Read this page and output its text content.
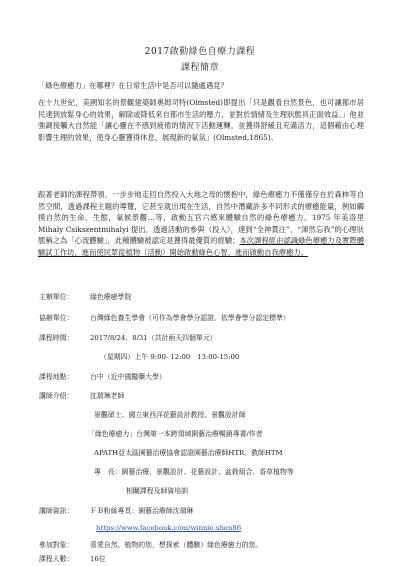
2017啟動綠色自療力課程
課程簡章

「綠色療癒力」在哪裡？在日常生活中是否可以隨處遇見？

在十九世紀，美國知名的景觀建築師奧姆司特(Olmsted)即提出「只是觀看自然景色，也可讓都市居民達到放鬆身心的效果，解除或降低來自都市生活的壓力，並對於情緒及生理狀態具正面效益。」他並強調接觸大自然能「讓心靈在不感到疲倦的情況下活動運轉，並獲得舒緩且充滿活力，這個藉由心理影響生理的效果，使身心靈獲得休息，展現新的氣氛」(Olmsted,1865)。

跟著老師的課程帶領，一步步地走回自然投入大地之母的懷抱中，綠色療癒力不僅僅存在於森林等自然空間，透過課程主題的導覽，它甚至就出現在生活，自然中潛藏許多不同形式的療癒能量，例如觸摸自然的生命，生態，氣候景觀…等，啟動五官六感來體驗自然的綠色療癒力。1975 年美洛里 Mihaly Csikszentmihalyi 提出，透過活動的參與（投入），達到“全神貫注”、“渾然忘我”的心理狀態稱之為「心流體驗」，此種體驗被認定是獲得最優質的經驗；本次課程經由認識綠色療癒力及實際體驗試工作坊，進而使民眾從植物（活動）開始啟動綠色心智，進而啟動自我療癒力。

主辦單位： 綠色療癒學院
協辦單位： 台灣綠色養生學會（可作為學會學分認證、依學會學分認定標準）
課程時間： 2017/8/24、8/31（共計兩天四個單元）
（星期四）上午 9:00- 12:00　13:00-15:00
課程地點： 台中（近中國醫藥大學）
講師介紹： 沈瑞琳老師
景觀碩士、國立東西洋花藝設計教授、景觀設計師
「綠色療癒力」台灣第一本跨領域園藝治療暢銷專書/作者
APATH亞太區園藝治療協會認證園藝治療師HTR、教師HTM
專　長：園藝治療、景觀設計、花藝設計、盆栽組合、香草植物等
相關課程及師資培訓
講師資訊： ＦＢ粉絲專頁：園藝治療師沈瑞琳
https://www.facebook.com/winnie.shen86
參加對象： 喜愛自然、植物的您，想探索（體驗）綠色療癒力的您。
課程人數： 16位
